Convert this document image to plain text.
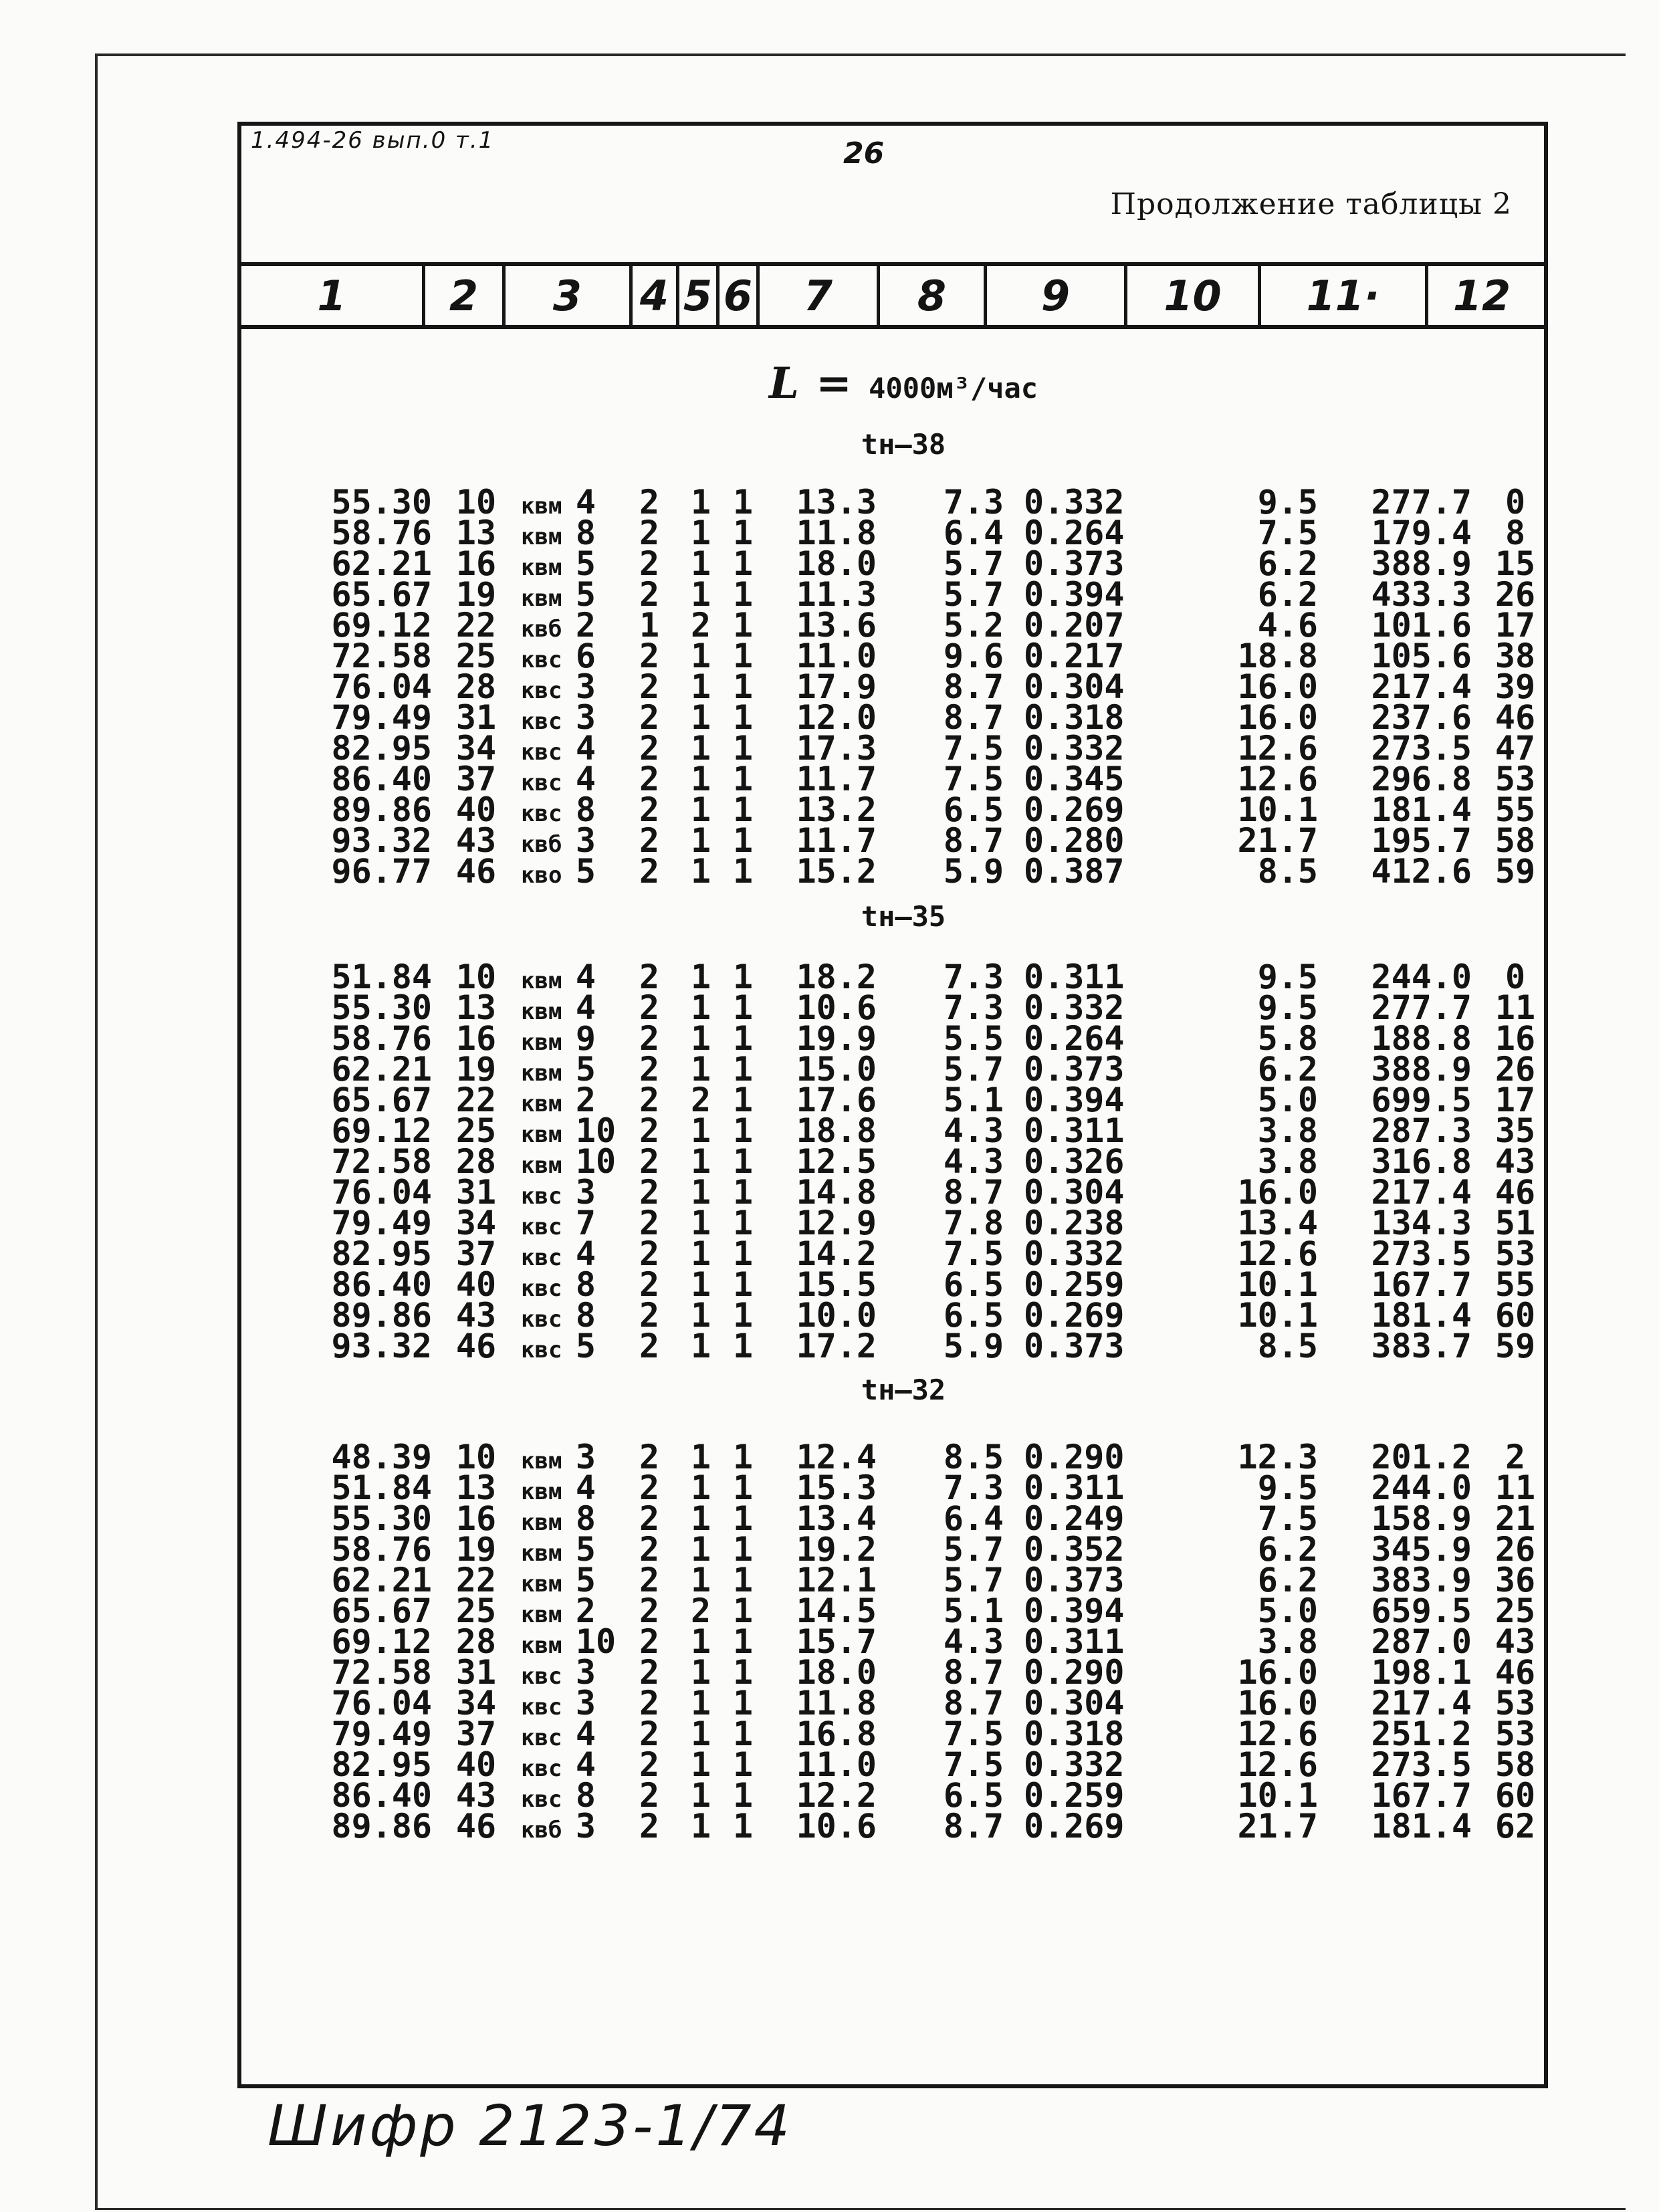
1.494-26 вып.0 т.1	26
Продолжение таблицы 2
1	2	3	4 5 6	7	8	9	10	11·	12
L = 4000м³/час
tн—38
55.30 10	квм 4	2 1 1	13.3 7.3 0.332	9.5	277.7 0
58.76 13	квм 8	2 1 1	11.8 6.4 0.264	7.5	179.4 8
62.21 16	квм 5	2 1 1	18.0 5.7 0.373	6.2	388.9 15
65.67 19	квм 5	2 1 1	11.3 5.7 0.394	6.2	433.3 26
69.12 22	квб 2	1 2 1	13.6 5.2 0.207	4.6	101.6 17
72.58 25	квс 6	2 1 1	11.0 9.6 0.217	18.8	105.6 38
76.04 28	квс 3	2 1 1	17.9 8.7 0.304	16.0	217.4 39
79.49 31	квс 3	2 1 1	12.0 8.7 0.318	16.0	237.6 46
82.95 34	квс 4	2 1 1	17.3 7.5 0.332	12.6	273.5 47
86.40 37	квс 4	2 1 1	11.7 7.5 0.345	12.6	296.8 53
89.86 40	квс 8	2 1 1	13.2 6.5 0.269	10.1	181.4 55
93.32 43	квб 3	2 1 1	11.7 8.7 0.280	21.7	195.7 58
96.77 46	кво 5	2 1 1	15.2 5.9 0.387	8.5	412.6 59
tн—35
51.84 10	квм 4	2 1 1	18.2 7.3 0.311	9.5	244.0 0
55.30 13	квм 4	2 1 1	10.6 7.3 0.332	9.5	277.7 11
58.76 16	квм 9	2 1 1	19.9 5.5 0.264	5.8	188.8 16
62.21 19	квм 5	2 1 1	15.0 5.7 0.373	6.2	388.9 26
65.67 22	квм 2	2 2 1	17.6 5.1 0.394	5.0	699.5 17
69.12 25	квм 10 2 1 1	18.8 4.3 0.311	3.8	287.3 35
72.58 28	квм 10 2 1 1	12.5 4.3 0.326	3.8	316.8 43
76.04 31	квс 3	2 1 1	14.8 8.7 0.304	16.0	217.4 46
79.49 34	квс 7	2 1 1	12.9 7.8 0.238	13.4	134.3 51
82.95 37	квс 4	2 1 1	14.2 7.5 0.332	12.6	273.5 53
86.40 40	квс 8	2 1 1	15.5 6.5 0.259	10.1	167.7 55
89.86 43	квс 8	2 1 1	10.0 6.5 0.269	10.1	181.4 60
93.32 46	квс 5	2 1 1	17.2 5.9 0.373	8.5	383.7 59
tн—32
48.39 10	квм 3	2 1 1	12.4 8.5 0.290	12.3	201.2 2
51.84 13	квм 4	2 1 1	15.3 7.3 0.311	9.5	244.0 11
55.30 16	квм 8	2 1 1	13.4 6.4 0.249	7.5	158.9 21
58.76 19	квм 5	2 1 1	19.2 5.7 0.352	6.2	345.9 26
62.21 22	квм 5	2 1 1	12.1 5.7 0.373	6.2	383.9 36
65.67 25	квм 2	2 2 1	14.5 5.1 0.394	5.0	659.5 25
69.12 28	квм 10 2 1 1	15.7 4.3 0.311	3.8	287.0 43
72.58 31	квс 3	2 1 1	18.0 8.7 0.290	16.0	198.1 46
76.04 34	квс 3	2 1 1	11.8 8.7 0.304	16.0	217.4 53
79.49 37	квс 4	2 1 1	16.8 7.5 0.318	12.6	251.2 53
82.95 40	квс 4	2 1 1	11.0 7.5 0.332	12.6	273.5 58
86.40 43	квс 8	2 1 1	12.2 6.5 0.259	10.1	167.7 60
89.86 46	квб 3	2 1 1	10.6 8.7 0.269	21.7	181.4 62
Шифр 2123-1/74
